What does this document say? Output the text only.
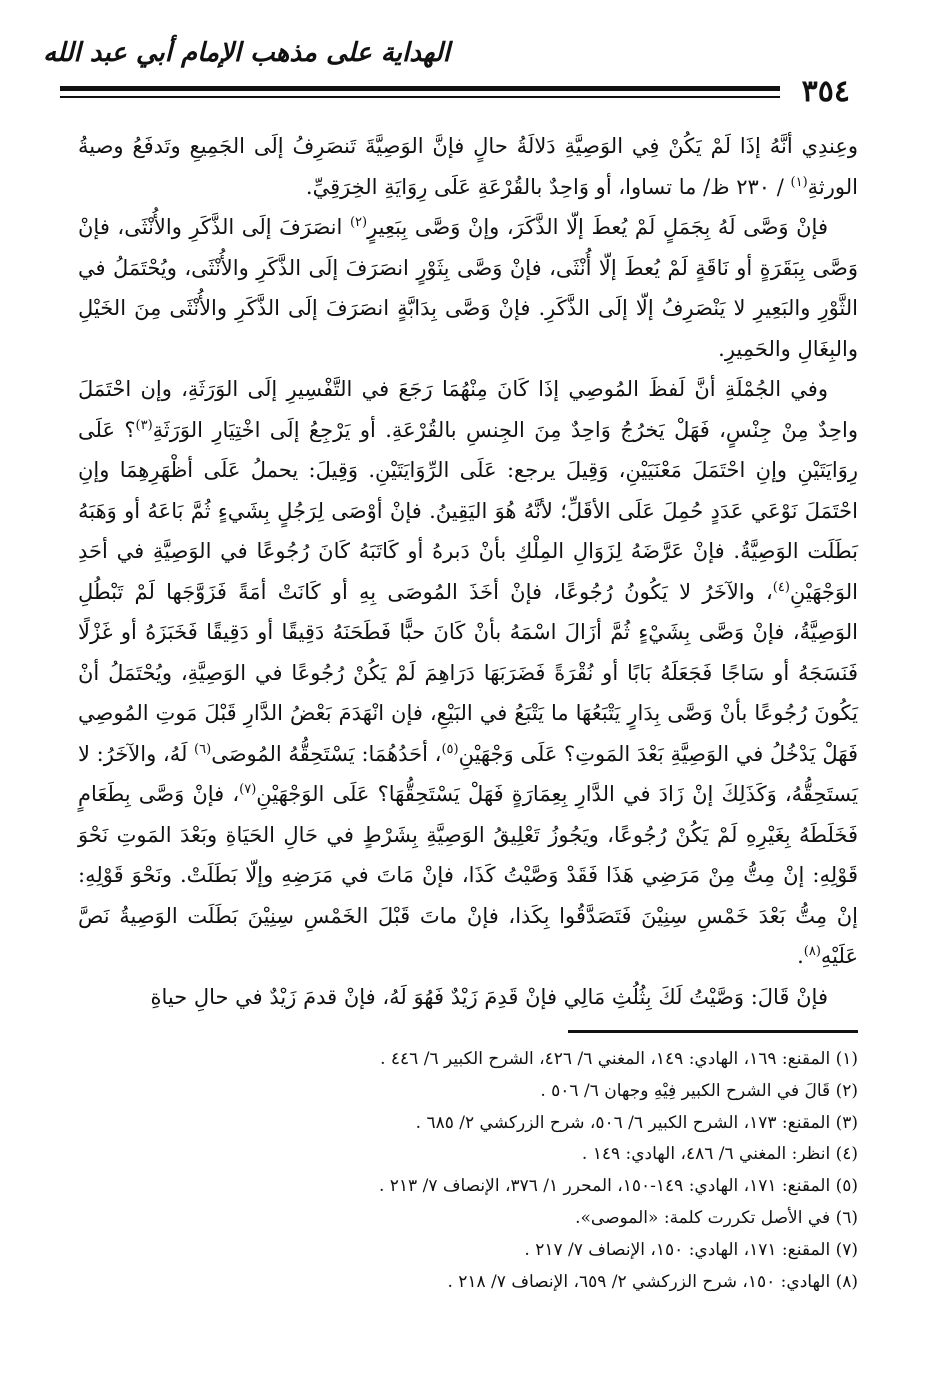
الهداية على مذهب الإمام أبي عبد الله
٣٥٤

وعِندِي أنَّهُ إذَا لَمْ يَكُنْ فِي الوَصِيَّةِ دَلالَةُ حالٍ فإنَّ الوَصِيَّةَ تَنصَرِفُ إلَى الجَمِيعِ وتَدفَعُ وصيةُ الورثةِ$^{(١)}$ / ٢٣٠ ظ/ ما تساوا، أو وَاحِدٌ بالقُرْعَةِ عَلَى رِوَايَةِ الخِرَقِيِّ.

فإنْ وَصَّى لَهُ بِجَمَلٍ لَمْ يُعطَ إلّا الذَّكَرَ، وإنْ وَصَّى بِبَعِيرٍ$^{(٢)}$ انصَرَفَ إلَى الذَّكَرِ والأُنْثَى، فإنْ وَصَّى بِبَقَرَةٍ أو نَاقَةٍ لَمْ يُعطَ إلّا أُنْثَى، فإنْ وَصَّى بِثَوْرٍ انصَرَفَ إلَى الذَّكَرِ والأُنْثَى، ويُحْتَمَلُ في الثَّوْرِ والبَعِيرِ لا يَنْصَرِفُ إلّا إلَى الذَّكَرِ. فإنْ وَصَّى بِدَابَّةٍ انصَرَفَ إلَى الذَّكَرِ والأُنْثَى مِنَ الخَيْلِ والبِغَالِ والحَمِيرِ.

وفي الجُمْلَةِ أنَّ لَفظَ المُوصِي إذَا كَانَ مِنْهُمَا رَجَعَ في التَّفْسِيرِ إلَى الوَرَثَةِ، وإن احْتَمَلَ واحِدٌ مِنْ جِنْسٍ، فَهَلْ يَخرُجُ وَاحِدٌ مِنَ الجِنسِ بالقُرْعَةِ. أو يَرْجِعُ إلَى اخْتِيَارِ الوَرَثَةِ$^{(٣)}$؟ عَلَى رِوَايَتَيْنِ وإنِ احْتَمَلَ مَعْنَيَيْنِ، وَقِيلَ يرجع: عَلَى الرِّوَايَتَيْنِ. وَقِيلَ: يحملُ عَلَى أظْهَرِهِمَا وإنِ احْتَمَلَ نَوْعَي عَدَدٍ حُمِلَ عَلَى الأقَلِّ؛ لأنَّهُ هُوَ اليَقِينُ. فإنْ أوْصَى لِرَجُلٍ بِشَيءٍ ثُمَّ بَاعَهُ أو وَهَبَهُ بَطَلَت الوَصِيَّةُ. فإنْ عَرَّضَهُ لِزَوَالِ المِلْكِ بأنْ دَبرهُ أو كَاتَبَهُ كَانَ رُجُوعًا في الوَصِيَّةِ في أحَدِ الوَجْهَيْنِ$^{(٤)}$، والآخَرُ لا يَكُونُ رُجُوعًا، فإنْ أخَذَ المُوصَى بِهِ أو كَانَتْ أمَةً فَزَوَّجَها لَمْ تَبْطُلِ الوَصِيَّةُ، فإنْ وَصَّى بِشَيْءٍ ثُمَّ أزَالَ اسْمَهُ بأنْ كَانَ حبًّا فَطَحَنَهُ دَقِيقًا أو دَقِيقًا فَخَبَزَهُ أو غَزْلًا فَنَسَجَهُ أو سَاجًا فَجَعَلَهُ بَابًا أو نُقْرَةً فَضَرَبَهَا دَرَاهِمَ لَمْ يَكُنْ رُجُوعًا في الوَصِيَّةِ، ويُحْتَمَلُ أنْ يَكُونَ رُجُوعًا بأنْ وَصَّى بِدَارٍ يَتْبَعُهَا ما يَتْبَعُ في البَيْعِ، فإن انْهَدَمَ بَعْضُ الدَّارِ قَبْلَ مَوتِ المُوصِي فَهَلْ يَدْخُلُ في الوَصِيَّةِ بَعْدَ المَوتِ؟ عَلَى وَجْهَيْنِ$^{(٥)}$، أحَدُهُمَا: يَسْتَحِقُّهُ المُوصَى$^{(٦)}$ لَهُ، والآخَرُ: لا يَستَحِقُّهُ، وَكَذَلِكَ إنْ زَادَ في الدَّارِ بِعِمَارَةٍ فَهَلْ يَسْتَحِقُّهَا؟ عَلَى الوَجْهَيْنِ$^{(٧)}$، فإنْ وَصَّى بِطَعَامٍ فَخَلَطَهُ بِغَيْرِهِ لَمْ يَكُنْ رُجُوعًا، ويَجُوزُ تَعْلِيقُ الوَصِيَّةِ بِشَرْطٍ في حَالِ الحَيَاةِ وبَعْدَ المَوتِ نَحْوَ قَوْلِهِ: إنْ مِتُّ مِنْ مَرَضِي هَذَا فَقَدْ وَصَّيْتُ كَذَا، فإنْ مَاتَ في مَرَضِهِ وإلّا بَطَلَتْ. ونَحْوَ قَوْلِهِ: إنْ مِتُّ بَعْدَ خَمْسِ سِنِيْنَ فَتَصَدَّقُوا بِكَذا، فإنْ ماتَ قَبْلَ الخَمْسِ سِنِيْنَ بَطَلَت الوَصِيةُ نَصَّ عَلَيْهِ$^{(٨)}$.

فإنْ قَالَ: وَصَّيْتُ لَكَ بِثُلُثِ مَالِي فإنْ قَدِمَ زَيْدٌ فَهُوَ لَهُ، فإنْ قدمَ زَيْدٌ في حالِ حياةِ

(١) المقنع: ١٦٩، الهادي: ١٤٩، المغني ٦/ ٤٢٦، الشرح الكبير ٦/ ٤٤٦ .

(٢) قَالَ في الشرح الكبير فِيْهِ وجهان ٦/ ٥٠٦ .

(٣) المقنع: ١٧٣، الشرح الكبير ٦/ ٥٠٦، شرح الزركشي ٢/ ٦٨٥ .

(٤) انظر: المغني ٦/ ٤٨٦، الهادي: ١٤٩ .

(٥) المقنع: ١٧١، الهادي: ١٤٩-١٥٠، المحرر ١/ ٣٧٦، الإنصاف ٧/ ٢١٣ .

(٦) في الأصل تكررت كلمة: «الموصى».

(٧) المقنع: ١٧١، الهادي: ١٥٠، الإنصاف ٧/ ٢١٧ .

(٨) الهادي: ١٥٠، شرح الزركشي ٢/ ٦٥٩، الإنصاف ٧/ ٢١٨ .
